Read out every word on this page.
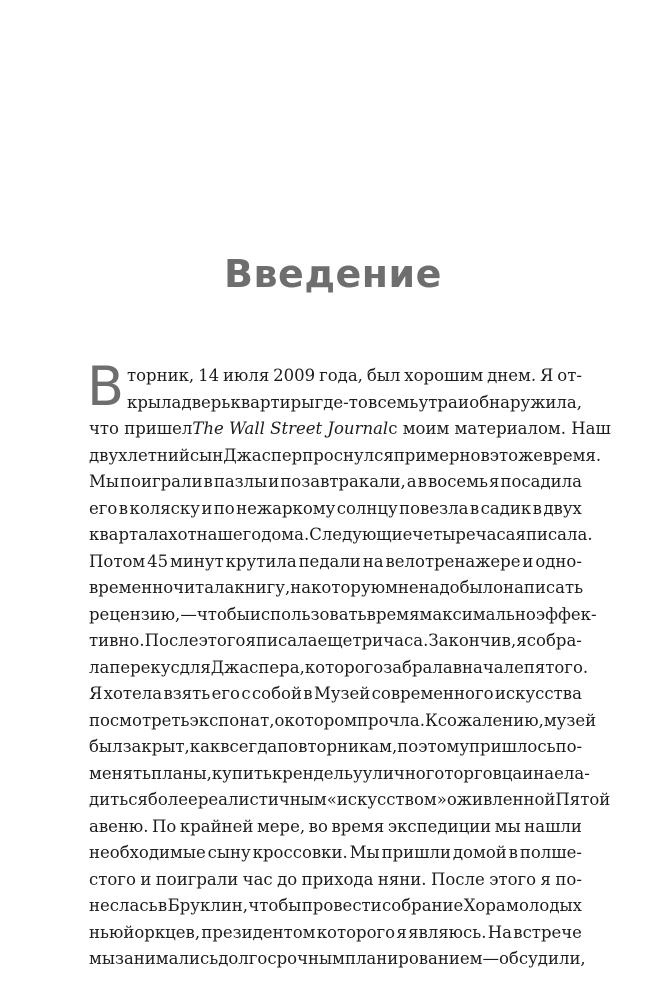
Введение
торник, 14 июля 2009 года, был хорошим днем. Я от-
В крыла дверь квартиры где-то в семь утра и обнаружила,
что пришел The Wall Street Journal с моим материалом. Наш
двухлетний сын Джаспер проснулся примерно в это же время.
Мы поиграли в пазлы и позавтракали, а в восемь я посадила
его в коляску и по нежаркому солнцу повезла в садик в двух
кварталах от нашего дома. Следующие четыре часа я писала.
Потом 45 минут крутила педали на велотренажере и одно-
временно читала книгу, на которую мне надо было написать
рецензию, — чтобы использовать время максимально эффек-
тивно. После этого я писала еще три часа. Закончив, я собра-
ла перекус для Джаспера, которого забрала в начале пятого.
Я хотела взять его с собой в Музей современного искусства
посмотреть экспонат, о котором прочла. К сожалению, музей
был закрыт, как всегда по вторникам, поэтому пришлось по-
менять планы, купить крендель у уличного торговца и наела-
диться более реалистичным «искусством» оживленной Пятой
авеню. По крайней мере, во время экспедиции мы нашли
необходимые сыну кроссовки. Мы пришли домой в полше-
стого и поиграли час до прихода няни. После этого я по-
неслась в Бруклин, чтобы провести собрание Хора молодых
ньюйоркцев, президентом которого я являюсь. На встрече
мы занимались долгосрочным планированием — обсудили,
